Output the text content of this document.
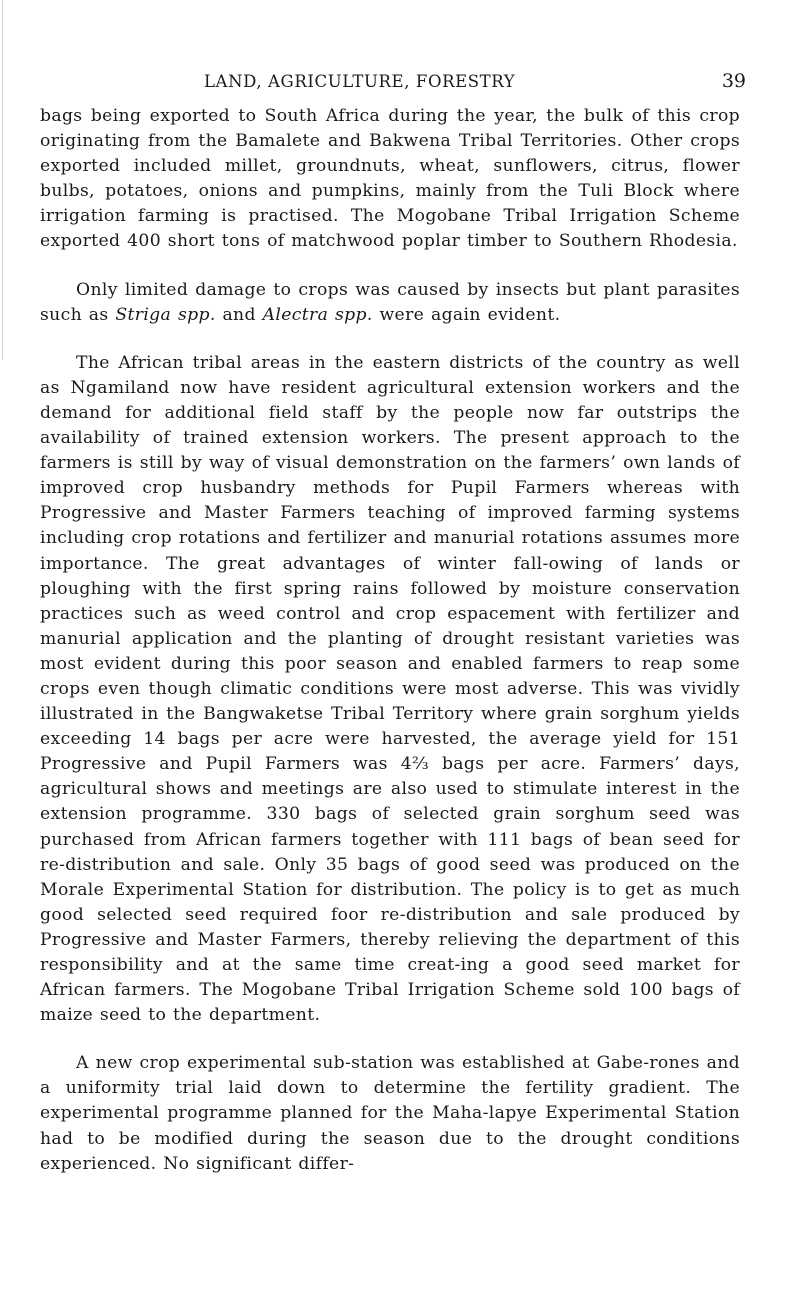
LAND, AGRICULTURE, FORESTRY	39

bags being exported to South Africa during the year, the bulk of this crop originating from the Bamalete and Bakwena Tribal Territories. Other crops exported included millet, groundnuts, wheat, sunflowers, citrus, flower bulbs, potatoes, onions and pumpkins, mainly from the Tuli Block where irrigation farming is practised. The Mogobane Tribal Irrigation Scheme exported 400 short tons of matchwood poplar timber to Southern Rhodesia.

Only limited damage to crops was caused by insects but plant parasites such as Striga spp. and Alectra spp. were again evident.

The African tribal areas in the eastern districts of the country as well as Ngamiland now have resident agricultural extension workers and the demand for additional field staff by the people now far outstrips the availability of trained extension workers. The present approach to the farmers is still by way of visual demonstration on the farmers’ own lands of improved crop husbandry methods for Pupil Farmers whereas with Progressive and Master Farmers teaching of improved farming systems including crop rotations and fertilizer and manurial rotations assumes more importance. The great advantages of winter fall-owing of lands or ploughing with the first spring rains followed by moisture conservation practices such as weed control and crop espacement with fertilizer and manurial application and the planting of drought resistant varieties was most evident during this poor season and enabled farmers to reap some crops even though climatic conditions were most adverse. This was vividly illustrated in the Bangwaketse Tribal Territory where grain sorghum yields exceeding 14 bags per acre were harvested, the average yield for 151 Progressive and Pupil Farmers was 4⅔ bags per acre. Farmers’ days, agricultural shows and meetings are also used to stimulate interest in the extension programme. 330 bags of selected grain sorghum seed was purchased from African farmers together with 111 bags of bean seed for re-distribution and sale. Only 35 bags of good seed was produced on the Morale Experimental Station for distribution. The policy is to get as much good selected seed required foor re-distribution and sale produced by Progressive and Master Farmers, thereby relieving the department of this responsibility and at the same time creat-ing a good seed market for African farmers. The Mogobane Tribal Irrigation Scheme sold 100 bags of maize seed to the department.

A new crop experimental sub-station was established at Gabe-rones and a uniformity trial laid down to determine the fertility gradient. The experimental programme planned for the Maha-lapye Experimental Station had to be modified during the season due to the drought conditions experienced. No significant differ-
